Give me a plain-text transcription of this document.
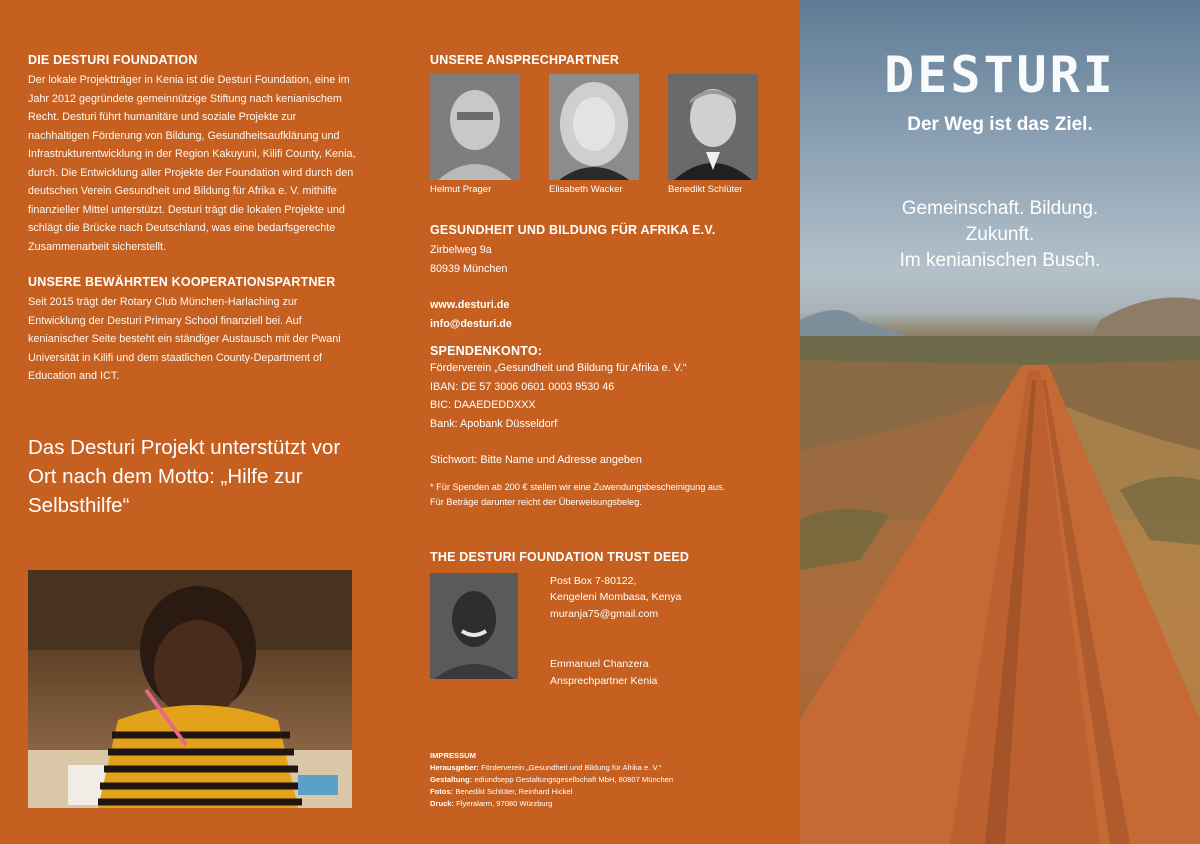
DIE DESTURI FOUNDATION

Der lokale Projektträger in Kenia ist die Desturi Foundation, eine im Jahr 2012 gegründete gemeinnützige Stiftung nach kenianischem Recht. Desturi führt humanitäre und soziale Projekte zur nachhaltigen Förderung von Bildung, Gesundheitsaufklärung und Infrastrukturentwicklung in der Region Kakuyuni, Kilifi County, Kenia, durch. Die Entwicklung aller Projekte der Foundation wird durch den deutschen Verein Gesundheit und Bildung für Afrika e. V. mithilfe finanzieller Mittel unterstützt. Desturi trägt die lokalen Projekte und schlägt die Brücke nach Deutschland, was eine bedarfsgerechte Zusammenarbeit sicherstellt.

UNSERE BEWÄHRTEN KOOPERATIONSPARTNER

Seit 2015 trägt der Rotary Club München-Harlaching zur Entwicklung der Desturi Primary School finanziell bei. Auf kenianischer Seite besteht ein ständiger Austausch mit der Pwani Universität in Kilifi und dem staatlichen County-Department of Education and ICT.

Das Desturi Projekt unterstützt vor Ort nach dem Motto: „Hilfe zur Selbsthilfe“
UNSERE ANSPRECHPARTNER
Helmut Prager	Elisabeth Wacker	Benedikt Schlüter
GESUNDHEIT UND BILDUNG FÜR AFRIKA E.V.

Zirbelweg 9a

80939 München

www.desturi.de

info@desturi.de

SPENDENKONTO:

Förderverein „Gesundheit und Bildung für Afrika e. V.“

IBAN: DE 57 3006 0601 0003 9530 46

BIC: DAAEDEDDXXX

Bank: Apobank Düsseldorf

Stichwort: Bitte Name und Adresse angeben

* Für Spenden ab 200 € stellen wir eine Zuwendungsbescheinigung aus.

Für Beträge darunter reicht der Überweisungsbeleg.

THE DESTURI FOUNDATION TRUST DEED

Post Box 7-80122,

Kengeleni Mombasa, Kenya

muranja75@gmail.com

Emmanuel Chanzera

Ansprechpartner Kenia

IMPRESSUM

Herausgeber: Förderverein „Gesundheit und Bildung für Afrika e. V.“

Gestaltung: ediundsepp Gestaltungsgesellschaft MbH, 80807 München

Fotos: Benedikt Schlüter, Reinhard Hickel

Druck: Flyeralarm, 97080 Würzburg

DESTURI
Der Weg ist das Ziel.
Gemeinschaft. Bildung.
Zukunft.
Im kenianischen Busch.
